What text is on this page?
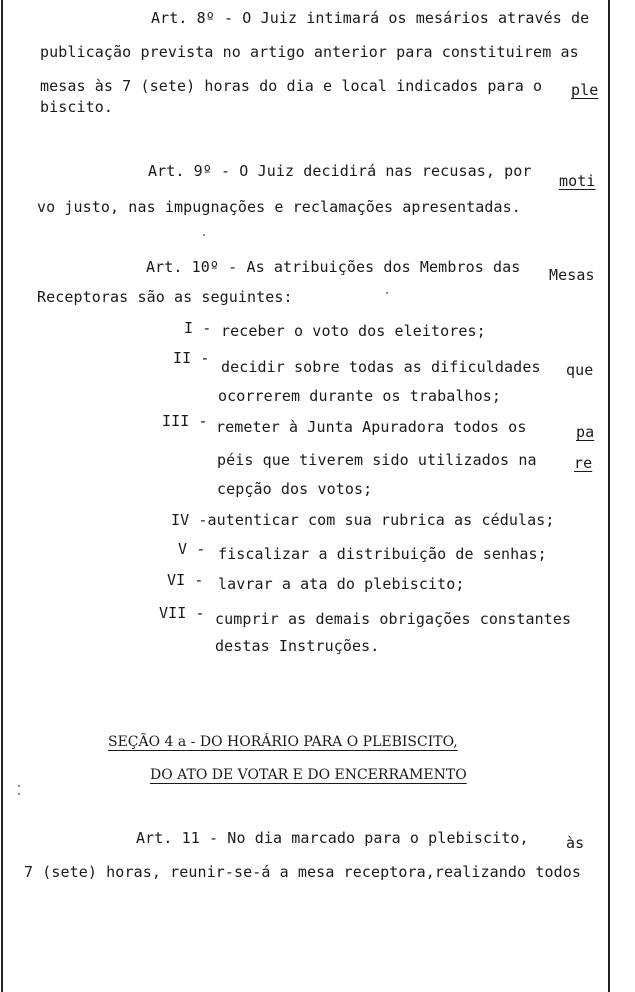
Art. 8º - O Juiz intimará os mesários através de
publicação prevista no artigo anterior para constituirem as
mesas às 7 (sete) horas do dia e local indicados para o ple
biscito.
Art. 9º - O Juiz decidirá nas recusas, por
moti
vo justo, nas impugnações e reclamações apresentadas.
Art. 10º - As atribuições dos Membros das Mesas
Receptoras são as seguintes:
I - receber o voto dos eleitores;
II - decidir sobre todas as dificuldades que
ocorrerem durante os trabalhos;
III - remeter à Junta Apuradora todos os	pa
péis que tiverem sido utilizados na re
cepção dos votos;
IV -autenticar com sua rubrica as cédulas;
V - fiscalizar a distribuição de senhas;
VI - lavrar a ata do plebiscito;
VII - cumprir as demais obrigações constantes
destas Instruções.
SEÇÃO 4 a - DO HORÁRIO PARA O PLEBISCITO,
DO ATO DE VOTAR E DO ENCERRAMENTO
Art. 11 - No dia marcado para o plebiscito, às
7 (sete) horas, reunir-se-á a mesa receptora,realizando todos
